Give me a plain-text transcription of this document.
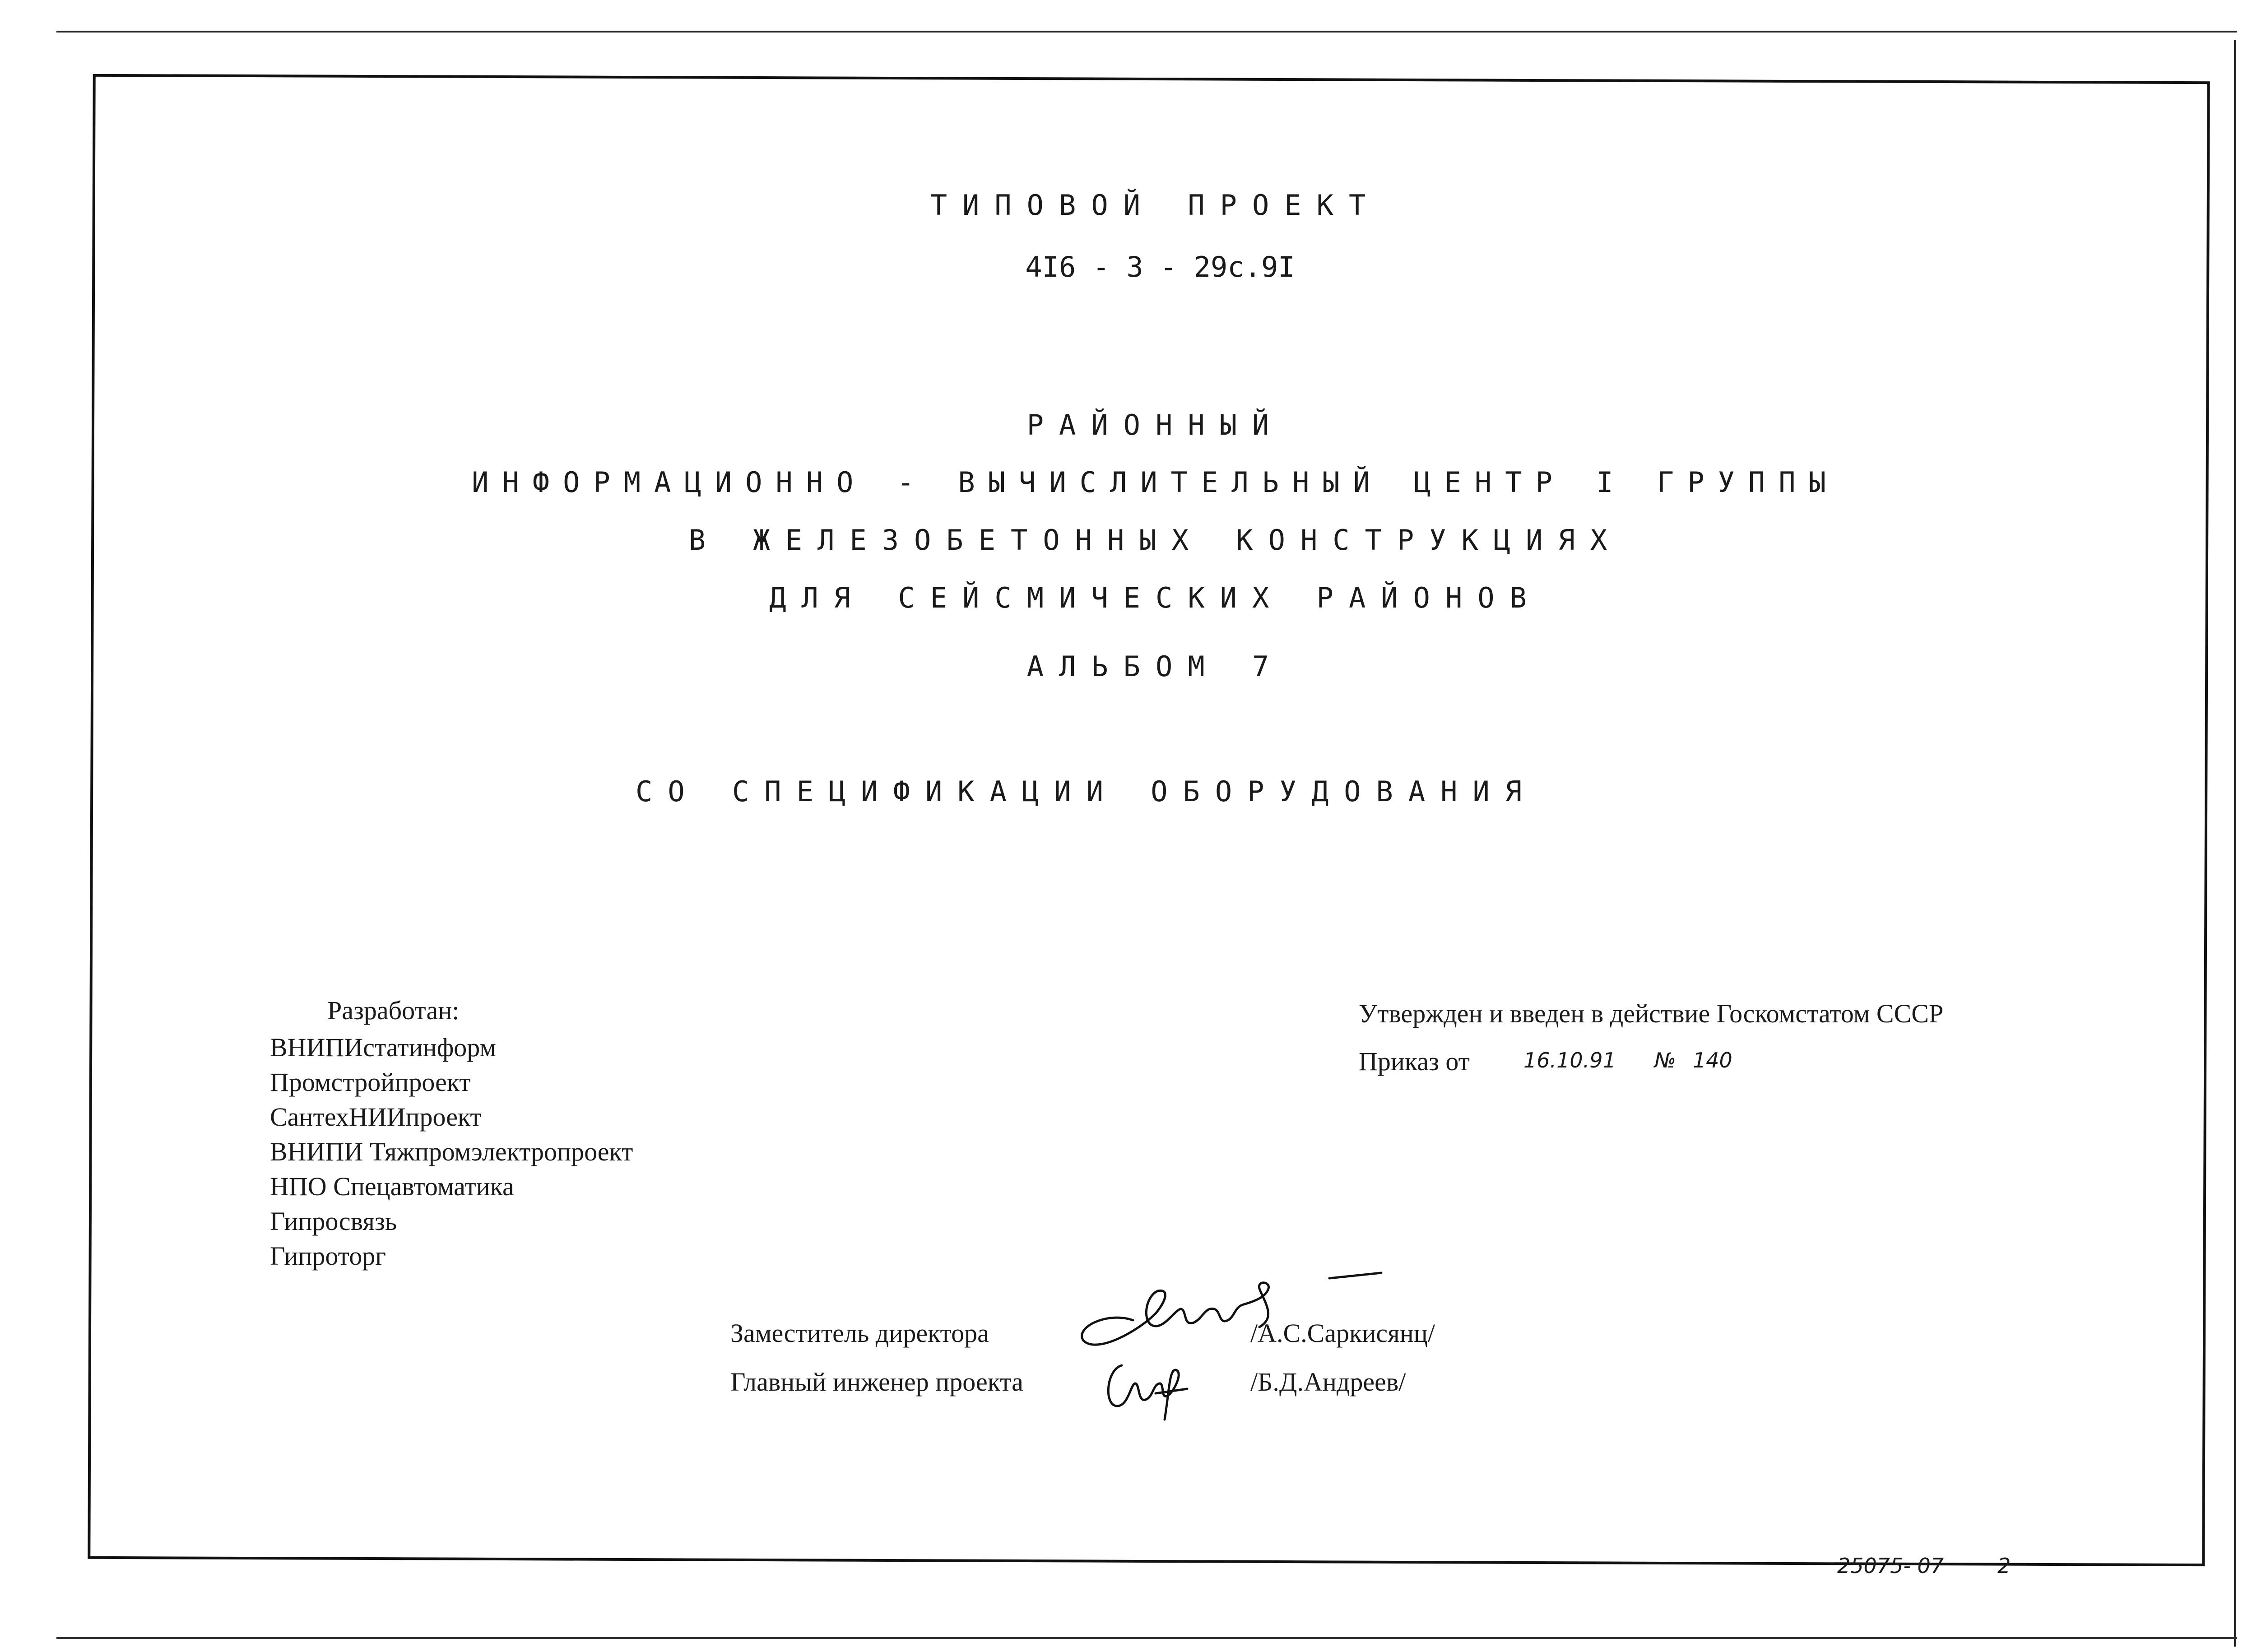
ТИПОВОЙ ПРОЕКТ
4I6 - 3 - 29с.9I
РАЙОННЫЙ
ИНФОРМАЦИОННО - ВЫЧИСЛИТЕЛЬНЫЙ ЦЕНТР I ГРУППЫ
В ЖЕЛЕЗОБЕТОННЫХ КОНСТРУКЦИЯХ
ДЛЯ СЕЙСМИЧЕСКИХ РАЙОНОВ
АЛЬБОМ 7
СО СПЕЦИФИКАЦИИ ОБОРУДОВАНИЯ
Разработан:
ВНИПИстатинформ
Промстройпроект
СантехНИИпроект
ВНИПИ Тяжпромэлектропроект
НПО Спецавтоматика
Гипросвязь
Гипроторг
Утвержден и введен в действие Госкомстатом СССР
Приказ от	16.10.91 № 140
Заместитель директора	/А.С.Саркисянц/
Главный инженер проекта	/Б.Д.Андреев/
25075- 07	2
